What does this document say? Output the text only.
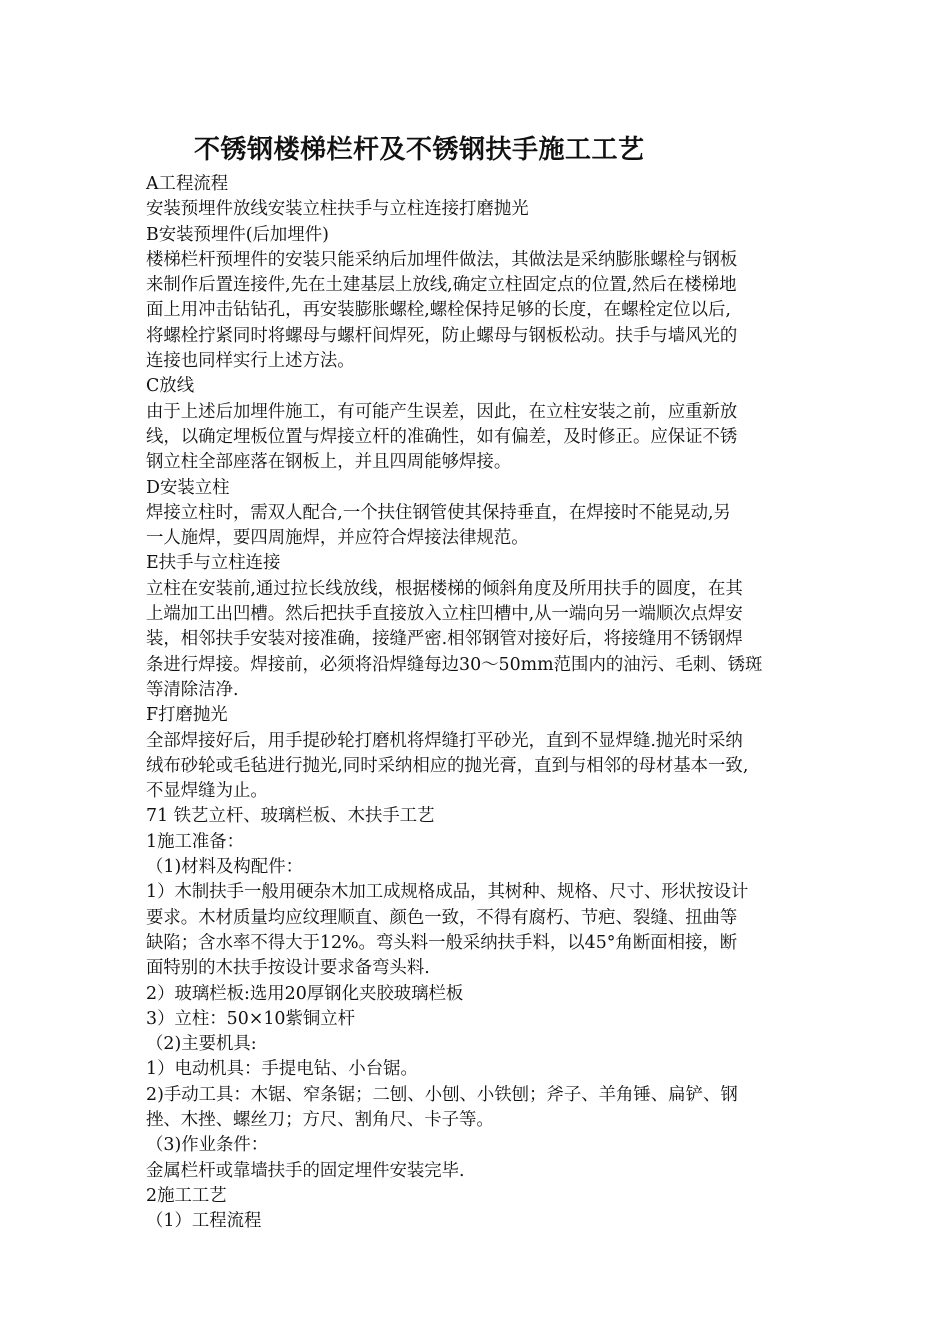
不锈钢楼梯栏杆及不锈钢扶手施工工艺
A工程流程
安装预埋件放线安装立柱扶手与立柱连接打磨抛光
B安装预埋件(后加埋件)
楼梯栏杆预埋件的安装只能采纳后加埋件做法，其做法是采纳膨胀螺栓与钢板
来制作后置连接件,先在土建基层上放线,确定立柱固定点的位置,然后在楼梯地
面上用冲击钻钻孔，再安装膨胀螺栓,螺栓保持足够的长度，在螺栓定位以后,
将螺栓拧紧同时将螺母与螺杆间焊死，防止螺母与钢板松动。扶手与墙风光的
连接也同样实行上述方法。
C放线
由于上述后加埋件施工，有可能产生误差，因此，在立柱安装之前，应重新放
线，以确定埋板位置与焊接立杆的准确性，如有偏差，及时修正。应保证不锈
钢立柱全部座落在钢板上，并且四周能够焊接。
D安装立柱
焊接立柱时，需双人配合,一个扶住钢管使其保持垂直，在焊接时不能晃动,另
一人施焊，要四周施焊，并应符合焊接法律规范。
E扶手与立柱连接
立柱在安装前,通过拉长线放线，根据楼梯的倾斜角度及所用扶手的圆度，在其
上端加工出凹槽。然后把扶手直接放入立柱凹槽中,从一端向另一端顺次点焊安
装，相邻扶手安装对接准确，接缝严密.相邻钢管对接好后，将接缝用不锈钢焊
条进行焊接。焊接前，必须将沿焊缝每边30～50mm范围内的油污、毛刺、锈斑
等清除洁净.
F打磨抛光
全部焊接好后，用手提砂轮打磨机将焊缝打平砂光，直到不显焊缝.抛光时采纳
绒布砂轮或毛毡进行抛光,同时采纳相应的抛光膏，直到与相邻的母材基本一致,
不显焊缝为止。
71 铁艺立杆、玻璃栏板、木扶手工艺
1施工准备：
（1)材料及构配件：
1）木制扶手一般用硬杂木加工成规格成品，其树种、规格、尺寸、形状按设计
要求。木材质量均应纹理顺直、颜色一致，不得有腐朽、节疤、裂缝、扭曲等
缺陷；含水率不得大于12%。弯头料一般采纳扶手料，以45°角断面相接，断
面特别的木扶手按设计要求备弯头料.
2）玻璃栏板:选用20厚钢化夹胶玻璃栏板
3）立柱：50×10紫铜立杆
（2)主要机具:
1）电动机具：手提电钻、小台锯。
2)手动工具：木锯、窄条锯；二刨、小刨、小铁刨；斧子、羊角锤、扁铲、钢
挫、木挫、螺丝刀；方尺、割角尺、卡子等。
（3)作业条件：
金属栏杆或靠墙扶手的固定埋件安装完毕.
2施工工艺
（1）工程流程
